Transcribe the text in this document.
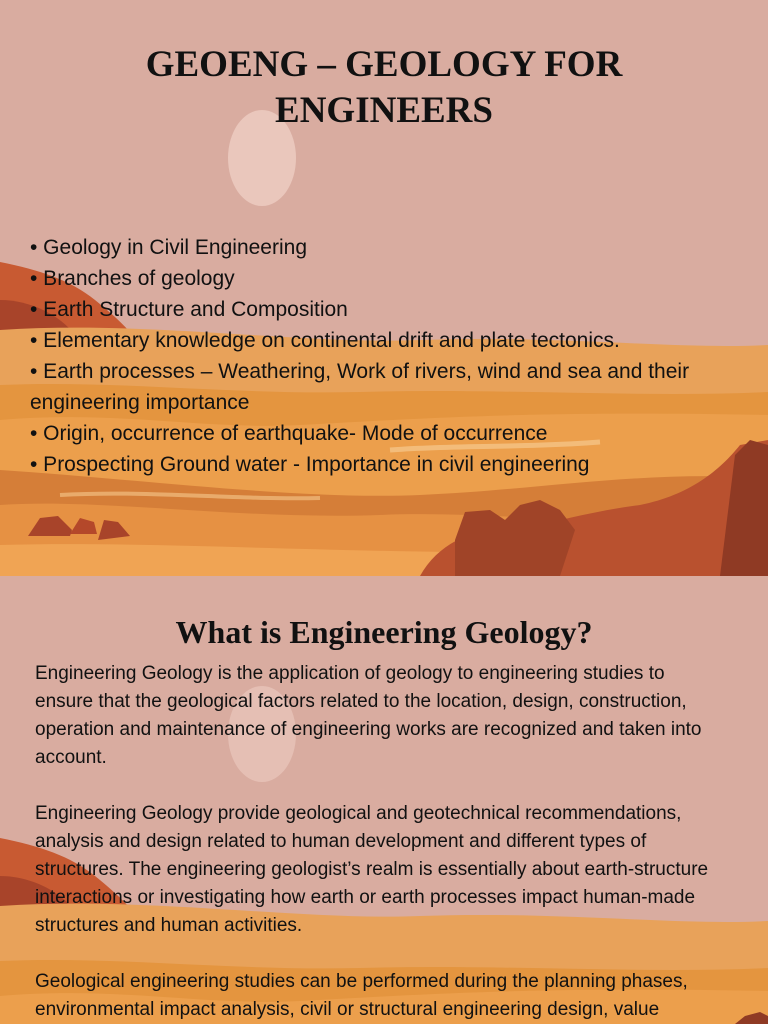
GEOENG – GEOLOGY FOR
ENGINEERS
• Geology in Civil Engineering
• Branches of geology
• Earth Structure and Composition
• Elementary knowledge on continental drift and plate tectonics.
• Earth processes – Weathering, Work of rivers, wind and sea and their engineering importance
• Origin, occurrence of earthquake- Mode of occurrence
• Prospecting Ground water - Importance in civil engineering
What is Engineering Geology?

Engineering Geology is the application of geology to engineering studies to ensure that the geological factors related to the location, design, construction, operation and maintenance of engineering works are recognized and taken into account.

Engineering Geology provide geological and geotechnical recommendations, analysis and design related to human development and different types of structures. The engineering geologist’s realm is essentially about earth-structure interactions or investigating how earth or earth processes impact human-made structures and human activities.

Geological engineering studies can be performed during the planning phases, environmental impact analysis, civil or structural engineering design, value
